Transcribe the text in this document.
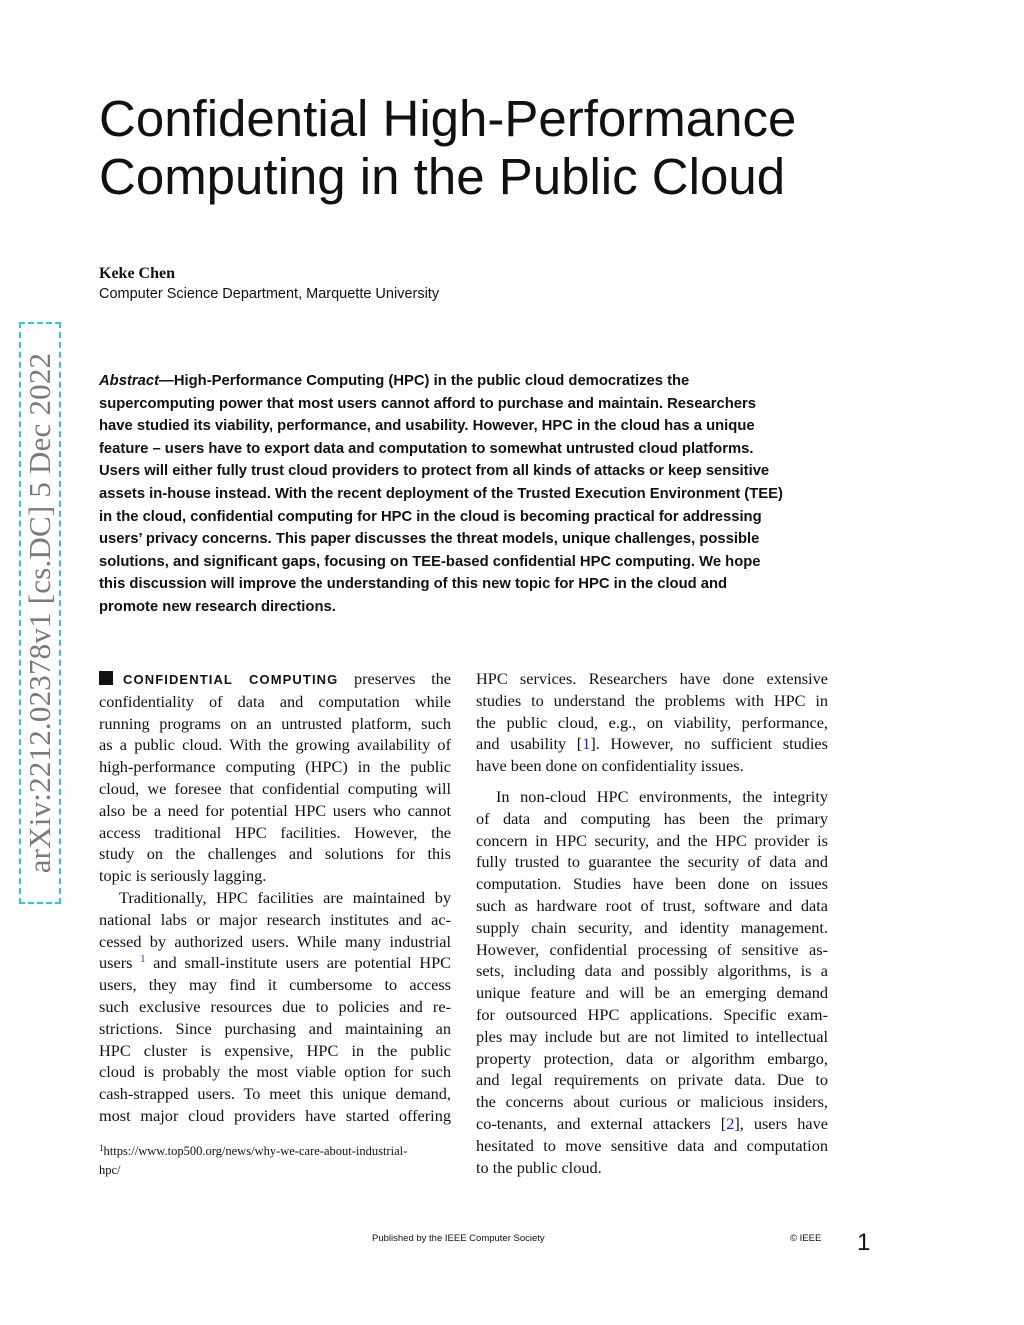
arXiv:2212.02378v1 [cs.DC] 5 Dec 2022
Confidential High-Performance
Computing in the Public Cloud
Keke Chen
Computer Science Department, Marquette University

Abstract—High-Performance Computing (HPC) in the public cloud democratizes the
supercomputing power that most users cannot afford to purchase and maintain. Researchers
have studied its viability, performance, and usability. However, HPC in the cloud has a unique
feature – users have to export data and computation to somewhat untrusted cloud platforms.
Users will either fully trust cloud providers to protect from all kinds of attacks or keep sensitive
assets in-house instead. With the recent deployment of the Trusted Execution Environment (TEE)
in the cloud, confidential computing for HPC in the cloud is becoming practical for addressing
users’ privacy concerns. This paper discusses the threat models, unique challenges, possible
solutions, and significant gaps, focusing on TEE-based confidential HPC computing. We hope
this discussion will improve the understanding of this new topic for HPC in the cloud and
promote new research directions.

CONFIDENTIAL COMPUTING preserves the
confidentiality of data and computation while
running programs on an untrusted platform, such
as a public cloud. With the growing availability of
high-performance computing (HPC) in the public
cloud, we foresee that confidential computing will
also be a need for potential HPC users who cannot
access traditional HPC facilities. However, the
study on the challenges and solutions for this
topic is seriously lagging.
Traditionally, HPC facilities are maintained by
national labs or major research institutes and ac-
cessed by authorized users. While many industrial
users $^1$ and small-institute users are potential HPC
users, they may find it cumbersome to access
such exclusive resources due to policies and re-
strictions. Since purchasing and maintaining an
HPC cluster is expensive, HPC in the public
cloud is probably the most viable option for such
cash-strapped users. To meet this unique demand,
most major cloud providers have started offering
HPC services. Researchers have done extensive
studies to understand the problems with HPC in
the public cloud, e.g., on viability, performance,
and usability [1]. However, no sufficient studies
have been done on confidentiality issues.
In non-cloud HPC environments, the integrity
of data and computing has been the primary
concern in HPC security, and the HPC provider is
fully trusted to guarantee the security of data and
computation. Studies have been done on issues
such as hardware root of trust, software and data
supply chain security, and identity management.
However, confidential processing of sensitive as-
sets, including data and possibly algorithms, is a
unique feature and will be an emerging demand
for outsourced HPC applications. Specific exam-
ples may include but are not limited to intellectual
property protection, data or algorithm embargo,
and legal requirements on private data. Due to
the concerns about curious or malicious insiders,
co-tenants, and external attackers [2], users have
hesitated to move sensitive data and computation
to the public cloud.
$^1$https://www.top500.org/news/why-we-care-about-industrial-
hpc/
Published by the IEEE Computer Society	© IEEE 1
